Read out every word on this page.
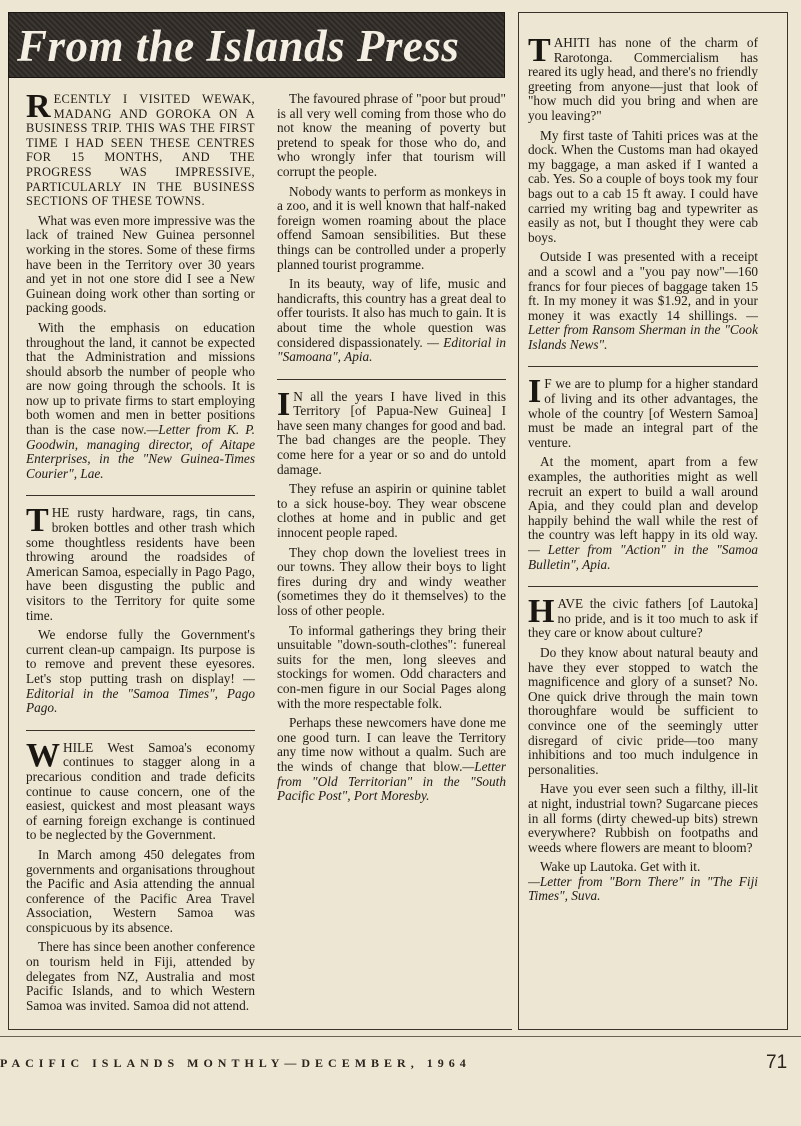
From the Islands Press

RECENTLY I VISITED WEWAK, MADANG AND GOROKA ON A BUSINESS TRIP. THIS WAS THE FIRST TIME I HAD SEEN THESE CENTRES FOR 15 MONTHS, AND THE PROGRESS WAS IMPRESSIVE, PARTICULARLY IN THE BUSINESS SECTIONS OF THESE TOWNS.

What was even more impressive was the lack of trained New Guinea personnel working in the stores. Some of these firms have been in the Territory over 30 years and yet in not one store did I see a New Guinean doing work other than sorting or packing goods.

With the emphasis on education throughout the land, it cannot be expected that the Administration and missions should absorb the number of people who are now going through the schools. It is now up to private firms to start employing both women and men in better positions than is the case now.—Letter from K. P. Goodwin, managing director, of Aitape Enterprises, in the "New Guinea-Times Courier", Lae.

THE rusty hardware, rags, tin cans, broken bottles and other trash which some thoughtless residents have been throwing around the roadsides of American Samoa, especially in Pago Pago, have been disgusting the public and visitors to the Territory for quite some time.

We endorse fully the Government's current clean-up campaign. Its purpose is to remove and prevent these eyesores. Let's stop putting trash on display! — Editorial in the "Samoa Times", Pago Pago.

WHILE West Samoa's economy continues to stagger along in a precarious condition and trade deficits continue to cause concern, one of the easiest, quickest and most pleasant ways of earning foreign exchange is continued to be neglected by the Government.

In March among 450 delegates from governments and organisations throughout the Pacific and Asia attending the annual conference of the Pacific Area Travel Association, Western Samoa was conspicuous by its absence.

There has since been another conference on tourism held in Fiji, attended by delegates from NZ, Australia and most Pacific Islands, and to which Western Samoa was invited. Samoa did not attend.

The favoured phrase of "poor but proud" is all very well coming from those who do not know the meaning of poverty but pretend to speak for those who do, and who wrongly infer that tourism will corrupt the people.

Nobody wants to perform as monkeys in a zoo, and it is well known that half-naked foreign women roaming about the place offend Samoan sensibilities. But these things can be controlled under a properly planned tourist programme.

In its beauty, way of life, music and handicrafts, this country has a great deal to offer tourists. It also has much to gain. It is about time the whole question was considered dispassionately. — Editorial in "Samoana", Apia.

I N all the years I have lived in this Territory [of Papua-New Guinea] I have seen many changes for good and bad. The bad changes are the people. They come here for a year or so and do untold damage.

They refuse an aspirin or quinine tablet to a sick house-boy. They wear obscene clothes at home and in public and get innocent people raped.

They chop down the loveliest trees in our towns. They allow their boys to light fires during dry and windy weather (sometimes they do it themselves) to the loss of other people.

To informal gatherings they bring their unsuitable "down-south-clothes": funereal suits for the men, long sleeves and stockings for women. Odd characters and con-men figure in our Social Pages along with the more respectable folk.

Perhaps these newcomers have done me one good turn. I can leave the Territory any time now without a qualm. Such are the winds of change that blow.—Letter from "Old Territorian" in the "South Pacific Post", Port Moresby.

TAHITI has none of the charm of Rarotonga. Commercialism has reared its ugly head, and there's no friendly greeting from anyone—just that look of "how much did you bring and when are you leaving?"

My first taste of Tahiti prices was at the dock. When the Customs man had okayed my baggage, a man asked if I wanted a cab. Yes. So a couple of boys took my four bags out to a cab 15 ft away. I could have carried my writing bag and typewriter as easily as not, but I thought they were cab boys.

Outside I was presented with a receipt and a scowl and a "you pay now"—160 francs for four pieces of baggage taken 15 ft. In my money it was $1.92, and in your money it was exactly 14 shillings. — Letter from Ransom Sherman in the "Cook Islands News".

I F we are to plump for a higher standard of living and its other advantages, the whole of the country [of Western Samoa] must be made an integral part of the venture.

At the moment, apart from a few examples, the authorities might as well recruit an expert to build a wall around Apia, and they could plan and develop happily behind the wall while the rest of the country was left happy in its old way. — Letter from "Action" in the "Samoa Bulletin", Apia.

HAVE the civic fathers [of Lautoka] no pride, and is it too much to ask if they care or know about culture?

Do they know about natural beauty and have they ever stopped to watch the magnificence and glory of a sunset? No. One quick drive through the main town thoroughfare would be sufficient to convince one of the seemingly utter disregard of civic pride—too many inhibitions and too much indulgence in personalities.

Have you ever seen such a filthy, ill-lit at night, industrial town? Sugarcane pieces in all forms (dirty chewed-up bits) strewn everywhere? Rubbish on footpaths and weeds where flowers are meant to bloom?

Wake up Lautoka. Get with it.
—Letter from "Born There" in "The Fiji Times", Suva.

PACIFIC ISLANDS MONTHLY—DECEMBER, 1964	71
